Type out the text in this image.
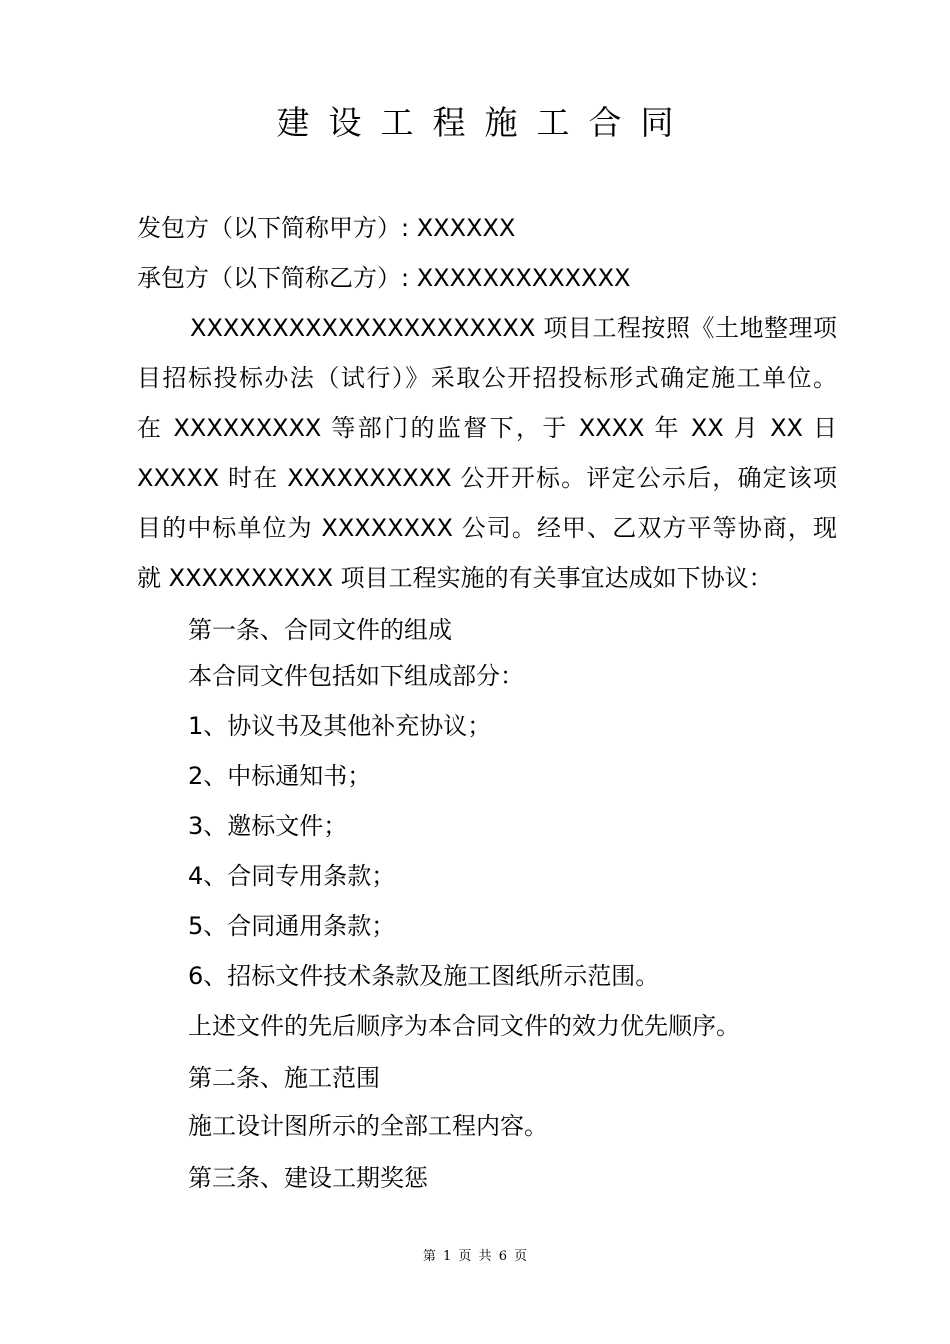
建设工程施工合同
发包方（以下简称甲方）: XXXXXX
承包方（以下简称乙方）: XXXXXXXXXXXXX
XXXXXXXXXXXXXXXXXXXXX 项目工程按照《土地整理项
目招标投标办法（试行）》采取公开招投标形式确定施工单位。
在 XXXXXXXXX 等部门的监督下，于 XXXX 年 XX 月 XX 日
XXXXX 时在 XXXXXXXXXX 公开开标。评定公示后，确定该项
目的中标单位为 XXXXXXXX 公司。经甲、乙双方平等协商，现
就 XXXXXXXXXX 项目工程实施的有关事宜达成如下协议：
第一条、合同文件的组成
本合同文件包括如下组成部分：
1、协议书及其他补充协议；
2、中标通知书；
3、邀标文件；
4、合同专用条款；
5、合同通用条款；
6、招标文件技术条款及施工图纸所示范围。
上述文件的先后顺序为本合同文件的效力优先顺序。
第二条、施工范围
施工设计图所示的全部工程内容。
第三条、建设工期奖惩
第 1 页 共 6 页
